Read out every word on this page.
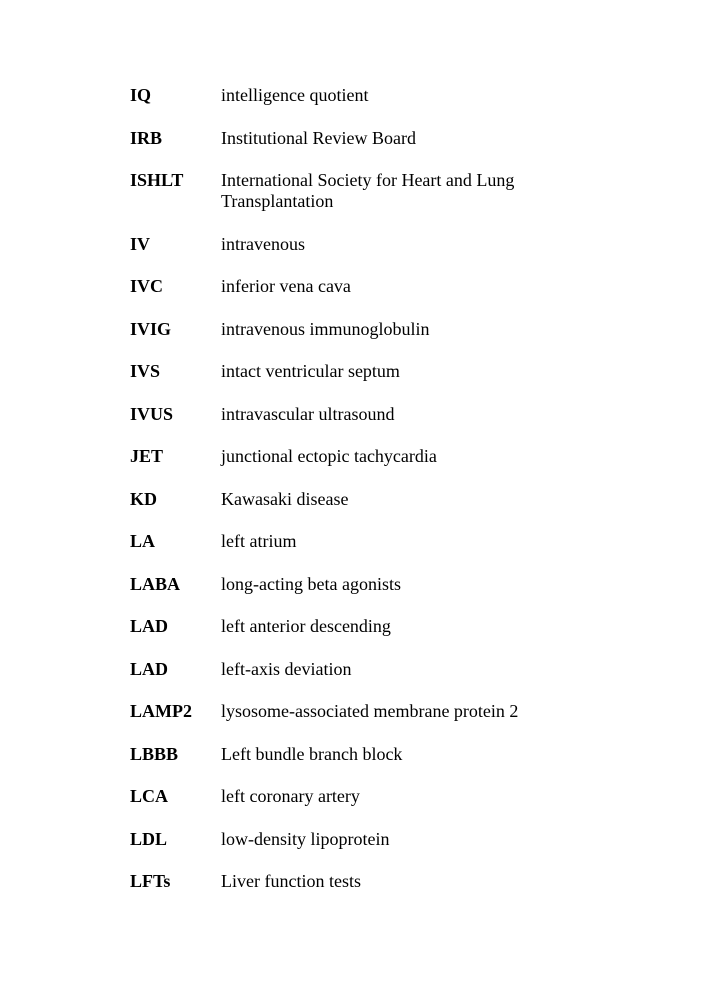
IQ	intelligence quotient
IRB	Institutional Review Board
ISHLT	International Society for Heart and Lung Transplantation
IV	intravenous
IVC	inferior vena cava
IVIG	intravenous immunoglobulin
IVS	intact ventricular septum
IVUS	intravascular ultrasound
JET	junctional ectopic tachycardia
KD	Kawasaki disease
LA	left atrium
LABA	long-acting beta agonists
LAD	left anterior descending
LAD	left-axis deviation
LAMP2	lysosome-associated membrane protein 2
LBBB	Left bundle branch block
LCA	left coronary artery
LDL	low-density lipoprotein
LFTs	Liver function tests
